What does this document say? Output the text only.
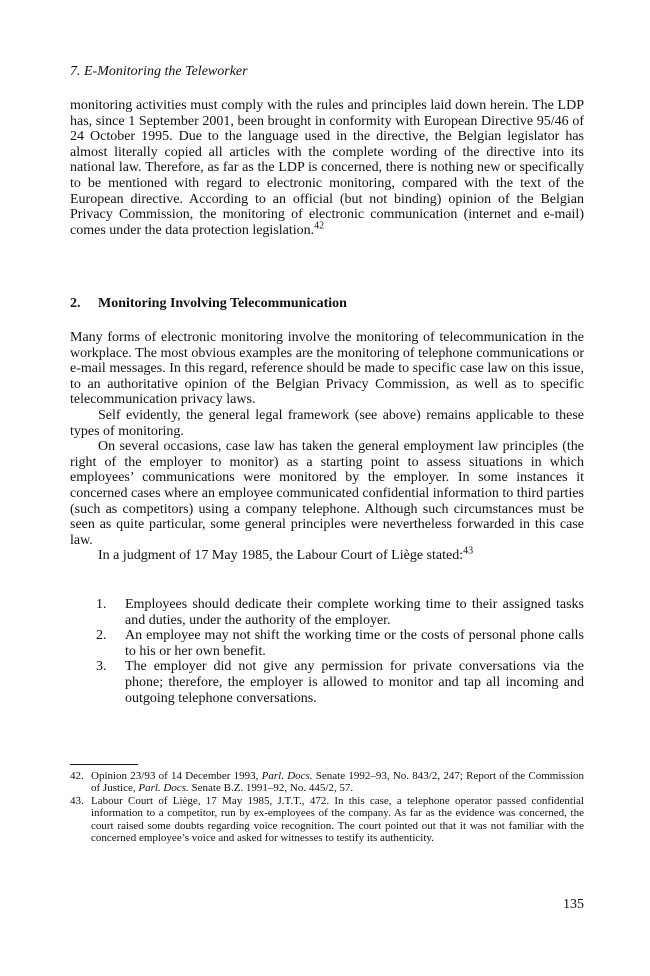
7. E-Monitoring the Teleworker

monitoring activities must comply with the rules and principles laid down herein. The LDP has, since 1 September 2001, been brought in conformity with European Directive 95/46 of 24 October 1995. Due to the language used in the directive, the Belgian legislator has almost literally copied all articles with the complete wording of the directive into its national law. Therefore, as far as the LDP is concerned, there is nothing new or specifically to be mentioned with regard to electronic monitoring, compared with the text of the European directive. According to an official (but not binding) opinion of the Belgian Privacy Commission, the monitoring of electronic communication (internet and e-mail) comes under the data protection legislation.$^{42}$

2. Monitoring Involving Telecommunication

Many forms of electronic monitoring involve the monitoring of telecommunication in the workplace. The most obvious examples are the monitoring of telephone communications or e-mail messages. In this regard, reference should be made to specific case law on this issue, to an authoritative opinion of the Belgian Privacy Commission, as well as to specific telecommunication privacy laws.

Self evidently, the general legal framework (see above) remains applicable to these types of monitoring.

On several occasions, case law has taken the general employment law principles (the right of the employer to monitor) as a starting point to assess situations in which employees’ communications were monitored by the employer. In some instances it concerned cases where an employee communicated confidential information to third parties (such as competitors) using a company telephone. Although such circumstances must be seen as quite particular, some general principles were nevertheless forwarded in this case law.

In a judgment of 17 May 1985, the Labour Court of Liège stated:$^{43}$

1. Employees should dedicate their complete working time to their assigned tasks and duties, under the authority of the employer.
2. An employee may not shift the working time or the costs of personal phone calls to his or her own benefit.
3. The employer did not give any permission for private conversations via the phone; therefore, the employer is allowed to monitor and tap all incoming and outgoing telephone conversations.
42. Opinion 23/93 of 14 December 1993, Parl. Docs. Senate 1992–93, No. 843/2, 247; Report of the Commission of Justice, Parl. Docs. Senate B.Z. 1991–92, No. 445/2, 57.
43. Labour Court of Liège, 17 May 1985, J.T.T., 472. In this case, a telephone operator passed confidential information to a competitor, run by ex-employees of the company. As far as the evidence was concerned, the court raised some doubts regarding voice recognition. The court pointed out that it was not familiar with the concerned employee’s voice and asked for witnesses to testify its authenticity.
135
